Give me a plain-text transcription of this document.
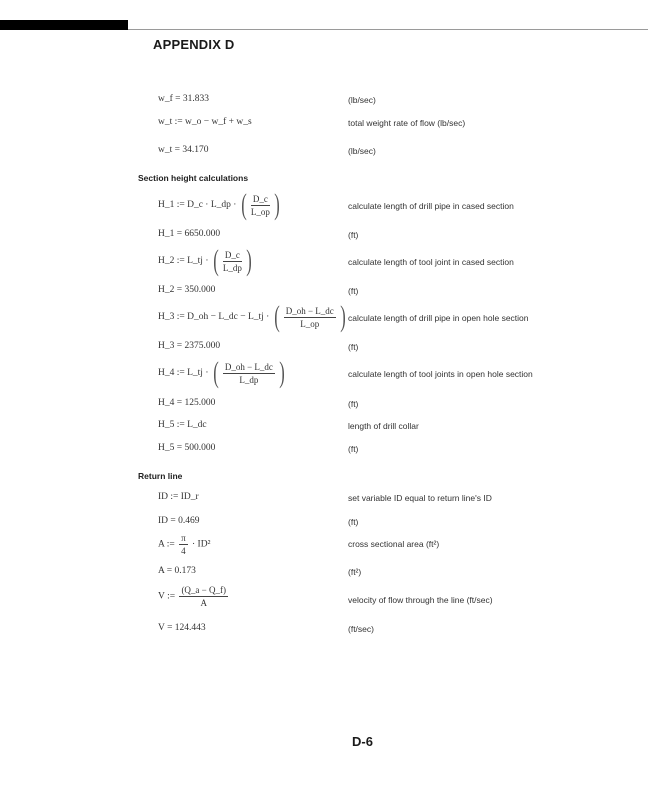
APPENDIX D
w_f = 31.833	(lb/sec)
w_t := w_o − w_f + w_s	total weight rate of flow (lb/sec)
w_t = 34.170	(lb/sec)
Section height calculations
H_1 := D_c · L_dp · ( $\frac{D\_c}{L\_op}$ )	calculate length of drill pipe in cased section
H_1 = 6650.000	(ft)
H_2 := L_tj · ( $\frac{D\_c}{L\_dp}$ )	calculate length of tool joint in cased section
H_2 = 350.000	(ft)
H_3 := D_oh − L_dc − L_tj · ( $\frac{D\_oh - L\_dc}{L\_op}$ ) calculate length of drill pipe in open hole section
H_3 = 2375.000	(ft)
H_4 := L_tj · ( $\frac{D\_oh - L\_dc}{L\_dp}$ )	calculate length of tool joints in open hole section
H_4 = 125.000	(ft)
H_5 := L_dc	length of drill collar
H_5 = 500.000	(ft)
Return line
ID := ID_r	set variable ID equal to return line's ID
ID = 0.469	(ft)
A := $\frac{\pi}{4} \cdot ID^2$	cross sectional area (ft²)
A = 0.173	(ft²)
V := $\frac{(Q\_a - Q\_f)}{A}$	velocity of flow through the line (ft/sec)
V = 124.443	(ft/sec)
D-6
